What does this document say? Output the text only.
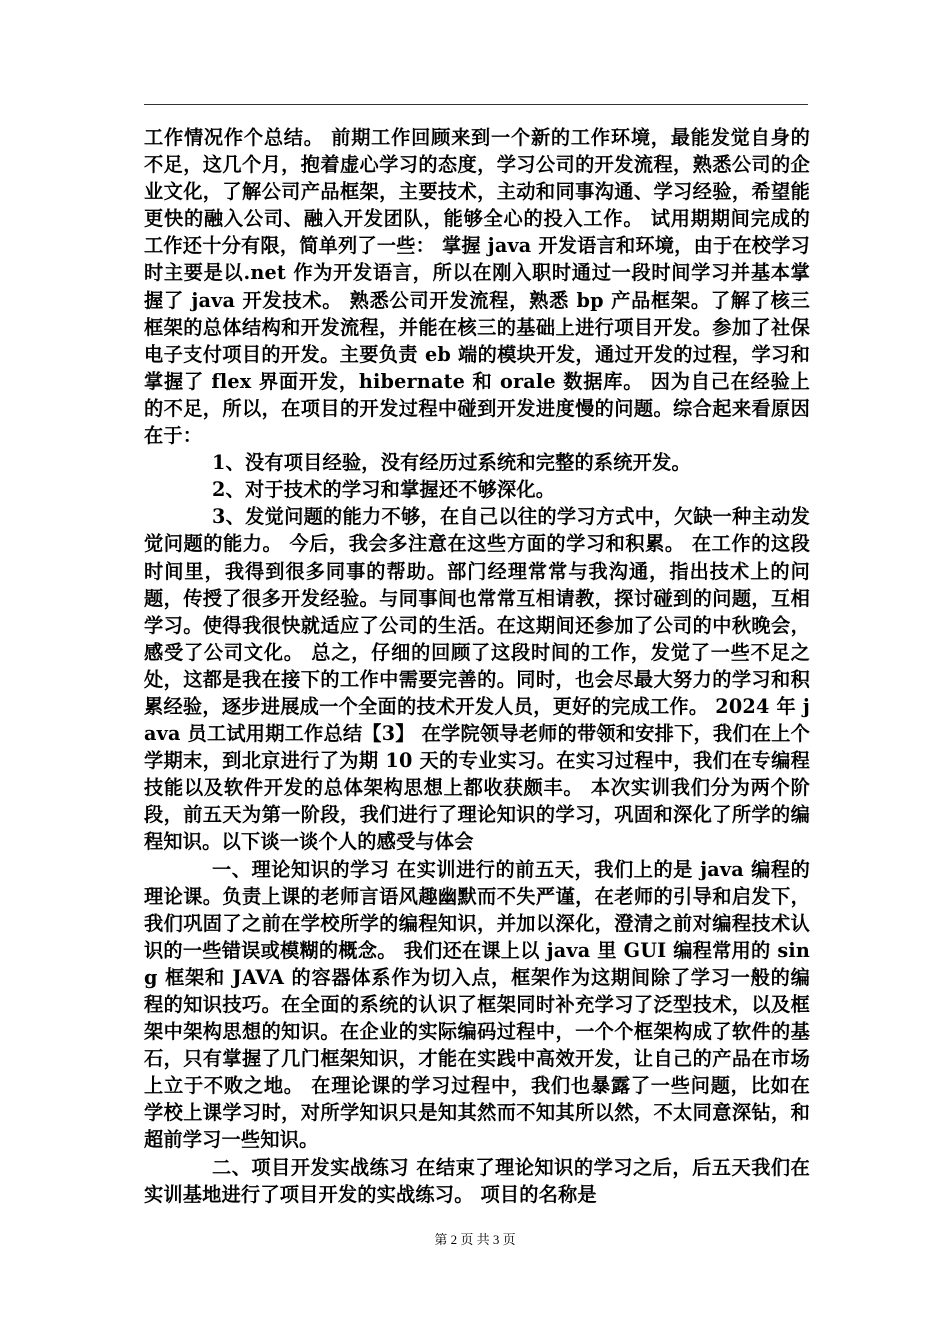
工作情况作个总结。 前期工作回顾来到一个新的工作环境，最能发觉自身的不足，这几个月，抱着虚心学习的态度，学习公司的开发流程，熟悉公司的企业文化，了解公司产品框架，主要技术，主动和同事沟通、学习经验，希望能更快的融入公司、融入开发团队，能够全心的投入工作。 试用期期间完成的工作还十分有限，简单列了一些： 掌握 java 开发语言和环境，由于在校学习时主要是以.net 作为开发语言，所以在刚入职时通过一段时间学习并基本掌握了 java 开发技术。 熟悉公司开发流程，熟悉 bp 产品框架。了解了核三框架的总体结构和开发流程，并能在核三的基础上进行项目开发。参加了社保电子支付项目的开发。主要负责 eb 端的模块开发，通过开发的过程，学习和掌握了 flex 界面开发，hibernate 和 orale 数据库。 因为自己在经验上的不足，所以，在项目的开发过程中碰到开发进度慢的问题。综合起来看原因在于：

1、没有项目经验，没有经历过系统和完整的系统开发。

2、对于技术的学习和掌握还不够深化。

3、发觉问题的能力不够，在自己以往的学习方式中，欠缺一种主动发觉问题的能力。 今后，我会多注意在这些方面的学习和积累。 在工作的这段时间里，我得到很多同事的帮助。部门经理常常与我沟通，指出技术上的问题，传授了很多开发经验。与同事间也常常互相请教，探讨碰到的问题，互相学习。使得我很快就适应了公司的生活。在这期间还参加了公司的中秋晚会，感受了公司文化。 总之，仔细的回顾了这段时间的工作，发觉了一些不足之处，这都是我在接下的工作中需要完善的。同时，也会尽最大努力的学习和积累经验，逐步进展成一个全面的技术开发人员，更好的完成工作。 2024 年 java 员工试用期工作总结【3】 在学院领导老师的带领和安排下，我们在上个学期末，到北京进行了为期 10 天的专业实习。在实习过程中，我们在专编程技能以及软件开发的总体架构思想上都收获颇丰。 本次实训我们分为两个阶段，前五天为第一阶段，我们进行了理论知识的学习，巩固和深化了所学的编程知识。以下谈一谈个人的感受与体会

一、理论知识的学习 在实训进行的前五天，我们上的是 java 编程的理论课。负责上课的老师言语风趣幽默而不失严谨，在老师的引导和启发下，我们巩固了之前在学校所学的编程知识，并加以深化，澄清之前对编程技术认识的一些错误或模糊的概念。 我们还在课上以 java 里 GUI 编程常用的 sing 框架和 JAVA 的容器体系作为切入点，框架作为这期间除了学习一般的编程的知识技巧。在全面的系统的认识了框架同时补充学习了泛型技术，以及框架中架构思想的知识。在企业的实际编码过程中，一个个框架构成了软件的基石，只有掌握了几门框架知识，才能在实践中高效开发，让自己的产品在市场上立于不败之地。 在理论课的学习过程中，我们也暴露了一些问题，比如在学校上课学习时，对所学知识只是知其然而不知其所以然，不太同意深钻，和超前学习一些知识。

二、项目开发实战练习 在结束了理论知识的学习之后，后五天我们在实训基地进行了项目开发的实战练习。 项目的名称是

第 2 页 共 3 页
